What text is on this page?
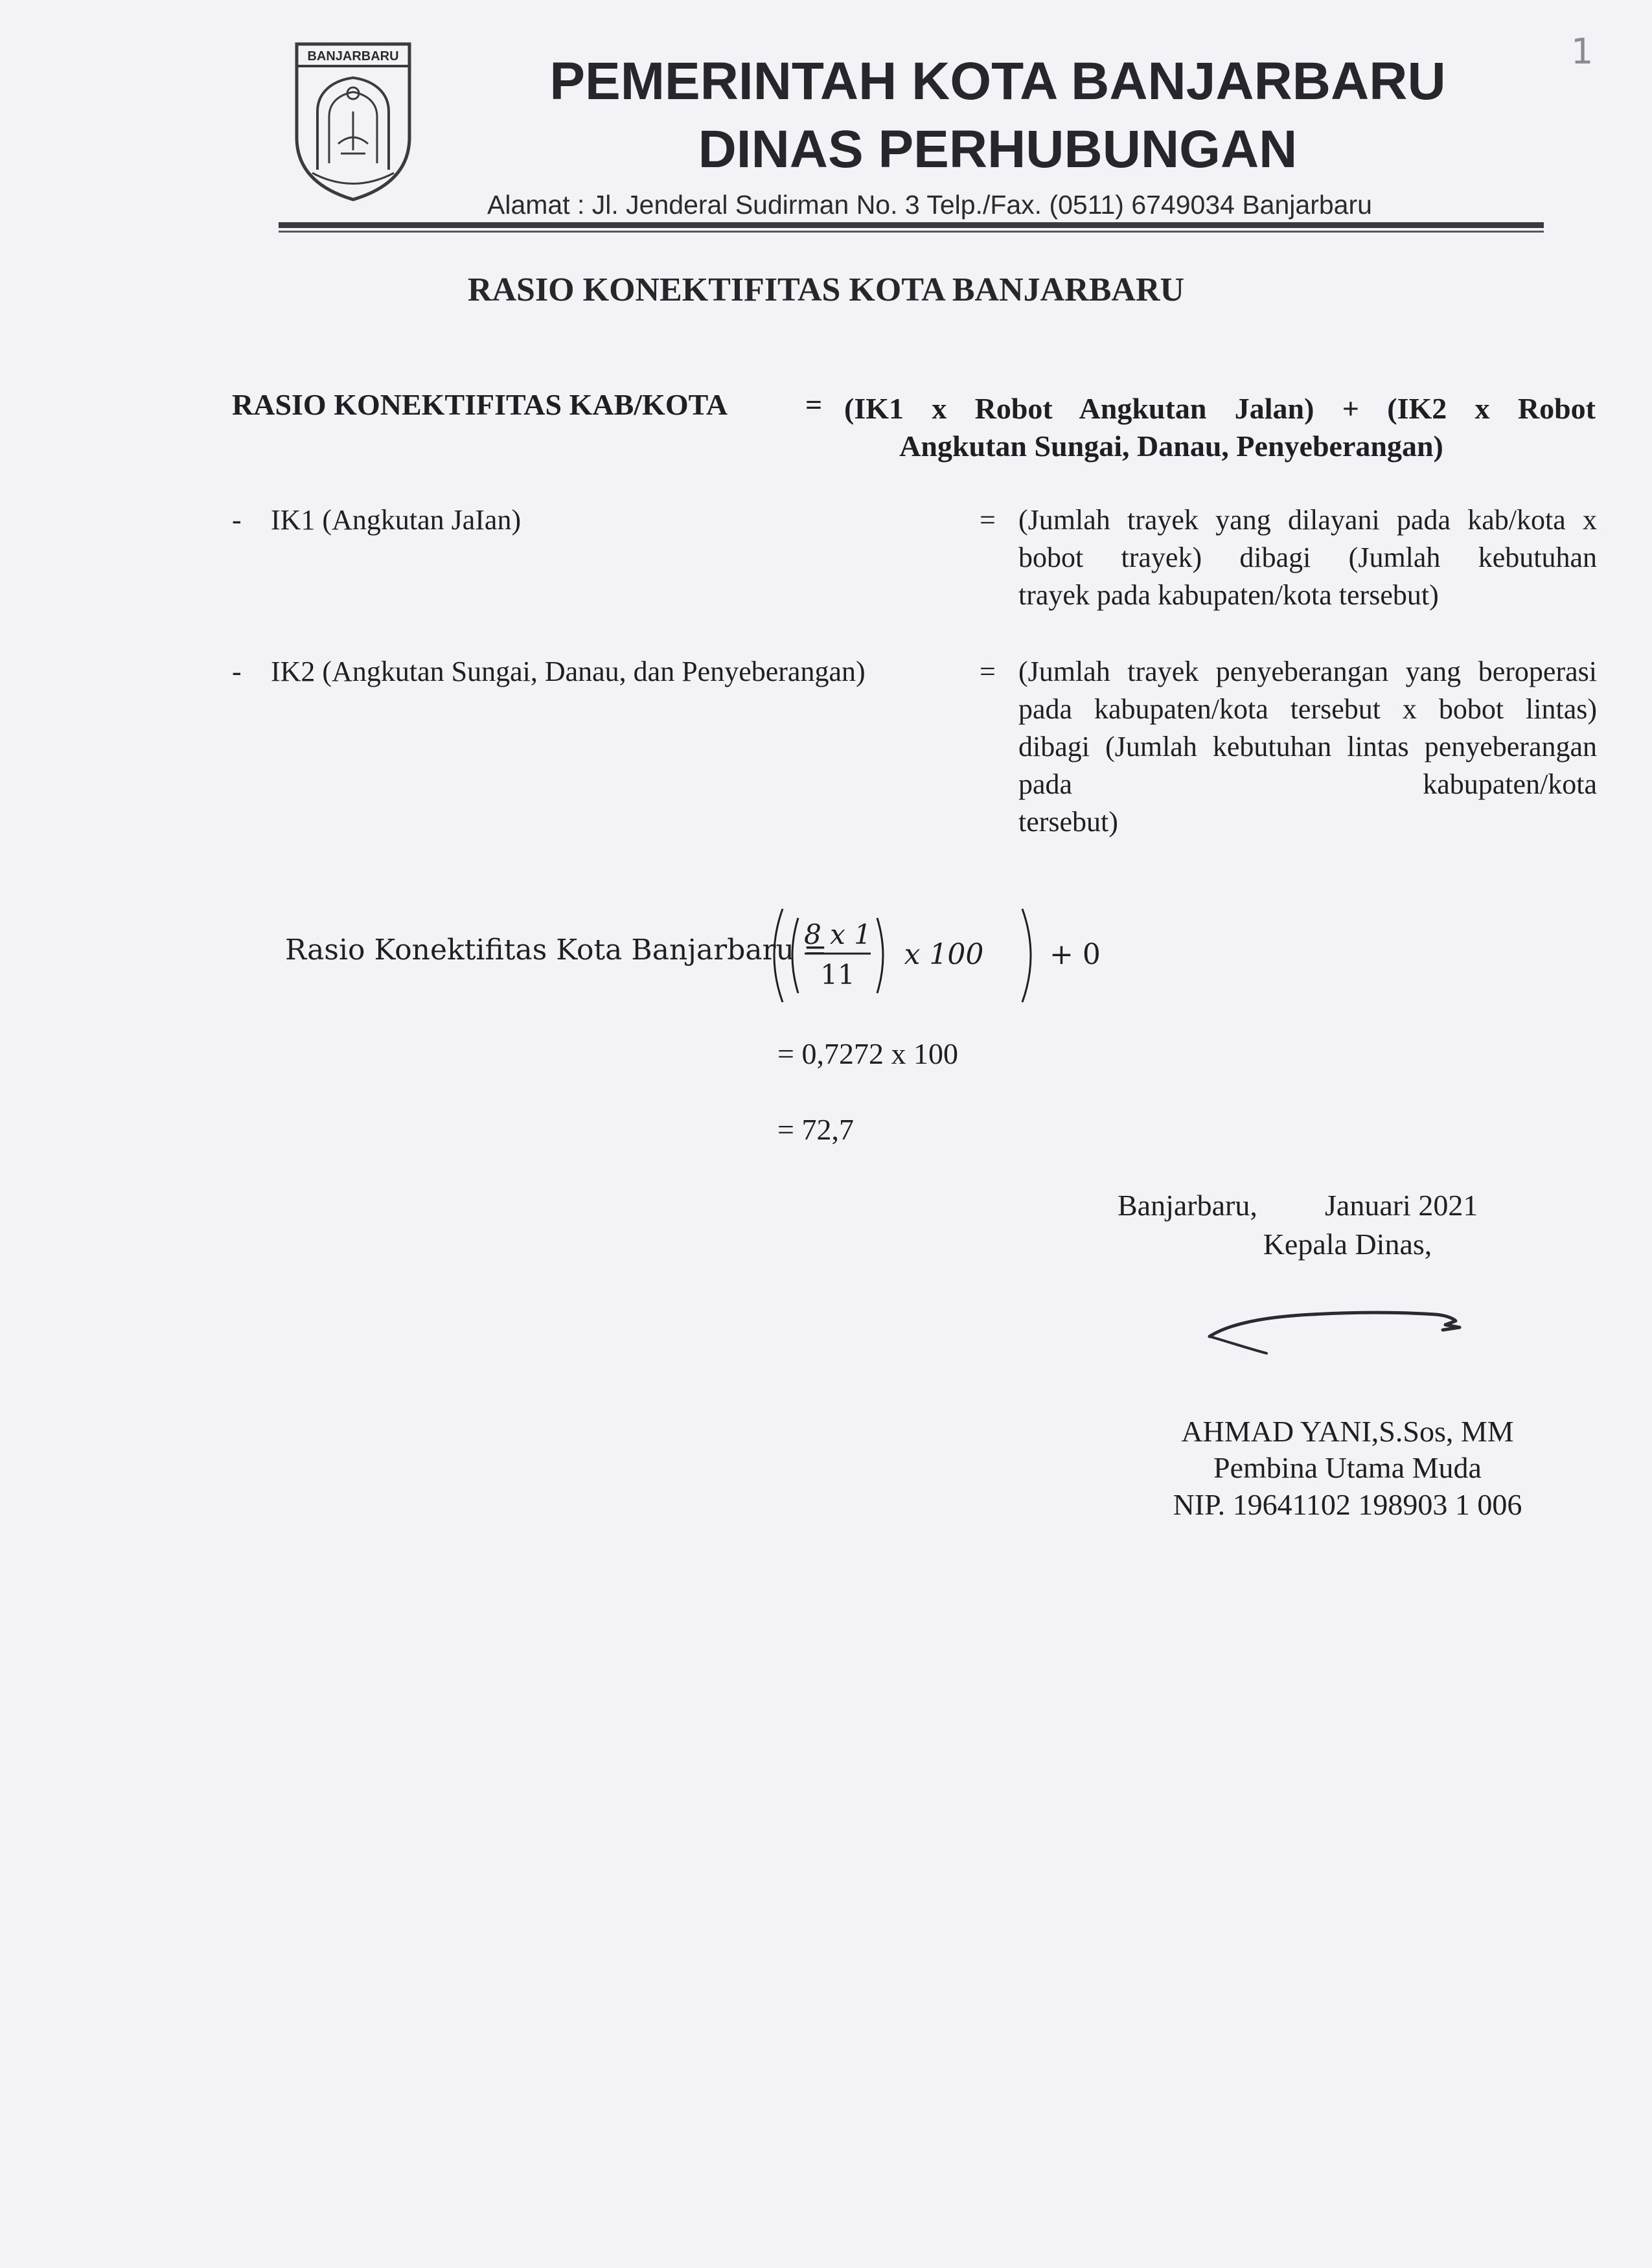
1
BANJARBARU	PEMERINTAH KOTA BANJARBARU
DINAS PERHUBUNGAN
Alamat : Jl. Jenderal Sudirman No. 3 Telp./Fax. (0511) 6749034 Banjarbaru
RASIO KONEKTIFITAS KOTA BANJARBARU
RASIO KONEKTIFITAS KAB/KOTA	= (IK1 x Robot Angkutan Jalan) + (IK2 x Robot
Angkutan Sungai, Danau, Penyeberangan)
- IK1 (Angkutan JaIan)	= (Jumlah trayek yang dilayani pada kab/kota x bobot trayek) dibagi (Jumlah kebutuhan
trayek pada kabupaten/kota tersebut)
- IK2 (Angkutan Sungai, Danau, dan Penyeberangan)	= (Jumlah trayek penyeberangan yang beroperasi pada kabupaten/kota tersebut x bobot lintas) dibagi (Jumlah kebutuhan lintas penyeberangan pada kabupaten/kota
tersebut)
Rasio Konektifitas Kota Banjarbaru =
8 x 1
11
x 100 + 0
= 0,7272 x 100
= 72,7
Banjarbaru, Januari 2021
Kepala Dinas,
AHMAD YANI,S.Sos, MM
Pembina Utama Muda
NIP. 19641102 198903 1 006
